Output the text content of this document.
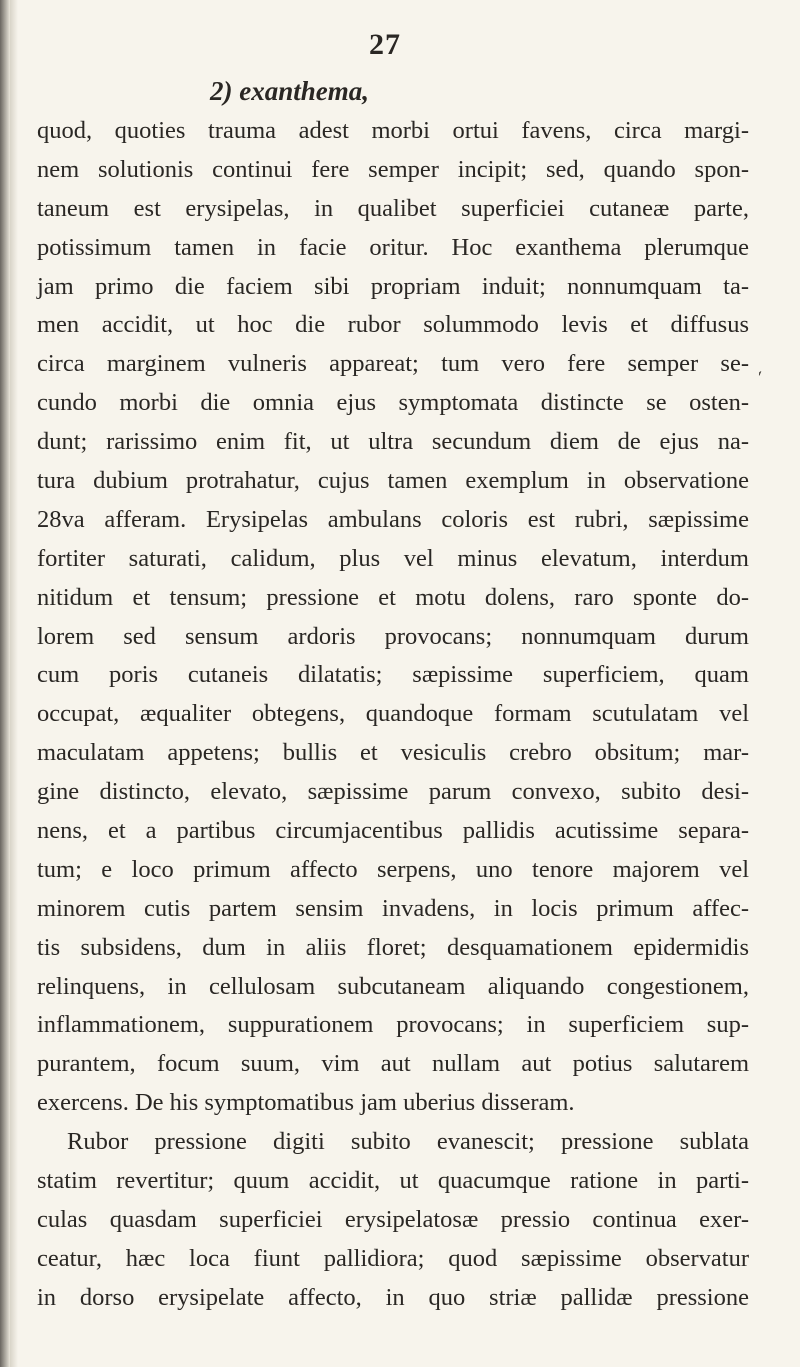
27
2) exanthema,
´
quod, quoties trauma adest morbi ortui favens, circa margi-
nem solutionis continui fere semper incipit; sed, quando spon-
taneum est erysipelas, in qualibet superficiei cutaneæ parte,
potissimum tamen in facie oritur. Hoc exanthema plerumque
jam primo die faciem sibi propriam induit; nonnumquam ta-
men accidit, ut hoc die rubor solummodo levis et diffusus
circa marginem vulneris appareat; tum vero fere semper se-
cundo morbi die omnia ejus symptomata distincte se osten-
dunt; rarissimo enim fit, ut ultra secundum diem de ejus na-
tura dubium protrahatur, cujus tamen exemplum in observatione
28va afferam. Erysipelas ambulans coloris est rubri, sæpissime
fortiter saturati, calidum, plus vel minus elevatum, interdum
nitidum et tensum; pressione et motu dolens, raro sponte do-
lorem sed sensum ardoris provocans; nonnumquam durum
cum poris cutaneis dilatatis; sæpissime superficiem, quam
occupat, æqualiter obtegens, quandoque formam scutulatam vel
maculatam appetens; bullis et vesiculis crebro obsitum; mar-
gine distincto, elevato, sæpissime parum convexo, subito desi-
nens, et a partibus circumjacentibus pallidis acutissime separa-
tum; e loco primum affecto serpens, uno tenore majorem vel
minorem cutis partem sensim invadens, in locis primum affec-
tis subsidens, dum in aliis floret; desquamationem epidermidis
relinquens, in cellulosam subcutaneam aliquando congestionem,
inflammationem, suppurationem provocans; in superficiem sup-
purantem, focum suum, vim aut nullam aut potius salutarem
exercens. De his symptomatibus jam uberius disseram.
Rubor pressione digiti subito evanescit; pressione sublata
statim revertitur; quum accidit, ut quacumque ratione in parti-
culas quasdam superficiei erysipelatosæ pressio continua exer-
ceatur, hæc loca fiunt pallidiora; quod sæpissime observatur
in dorso erysipelate affecto, in quo striæ pallidæ pressione
